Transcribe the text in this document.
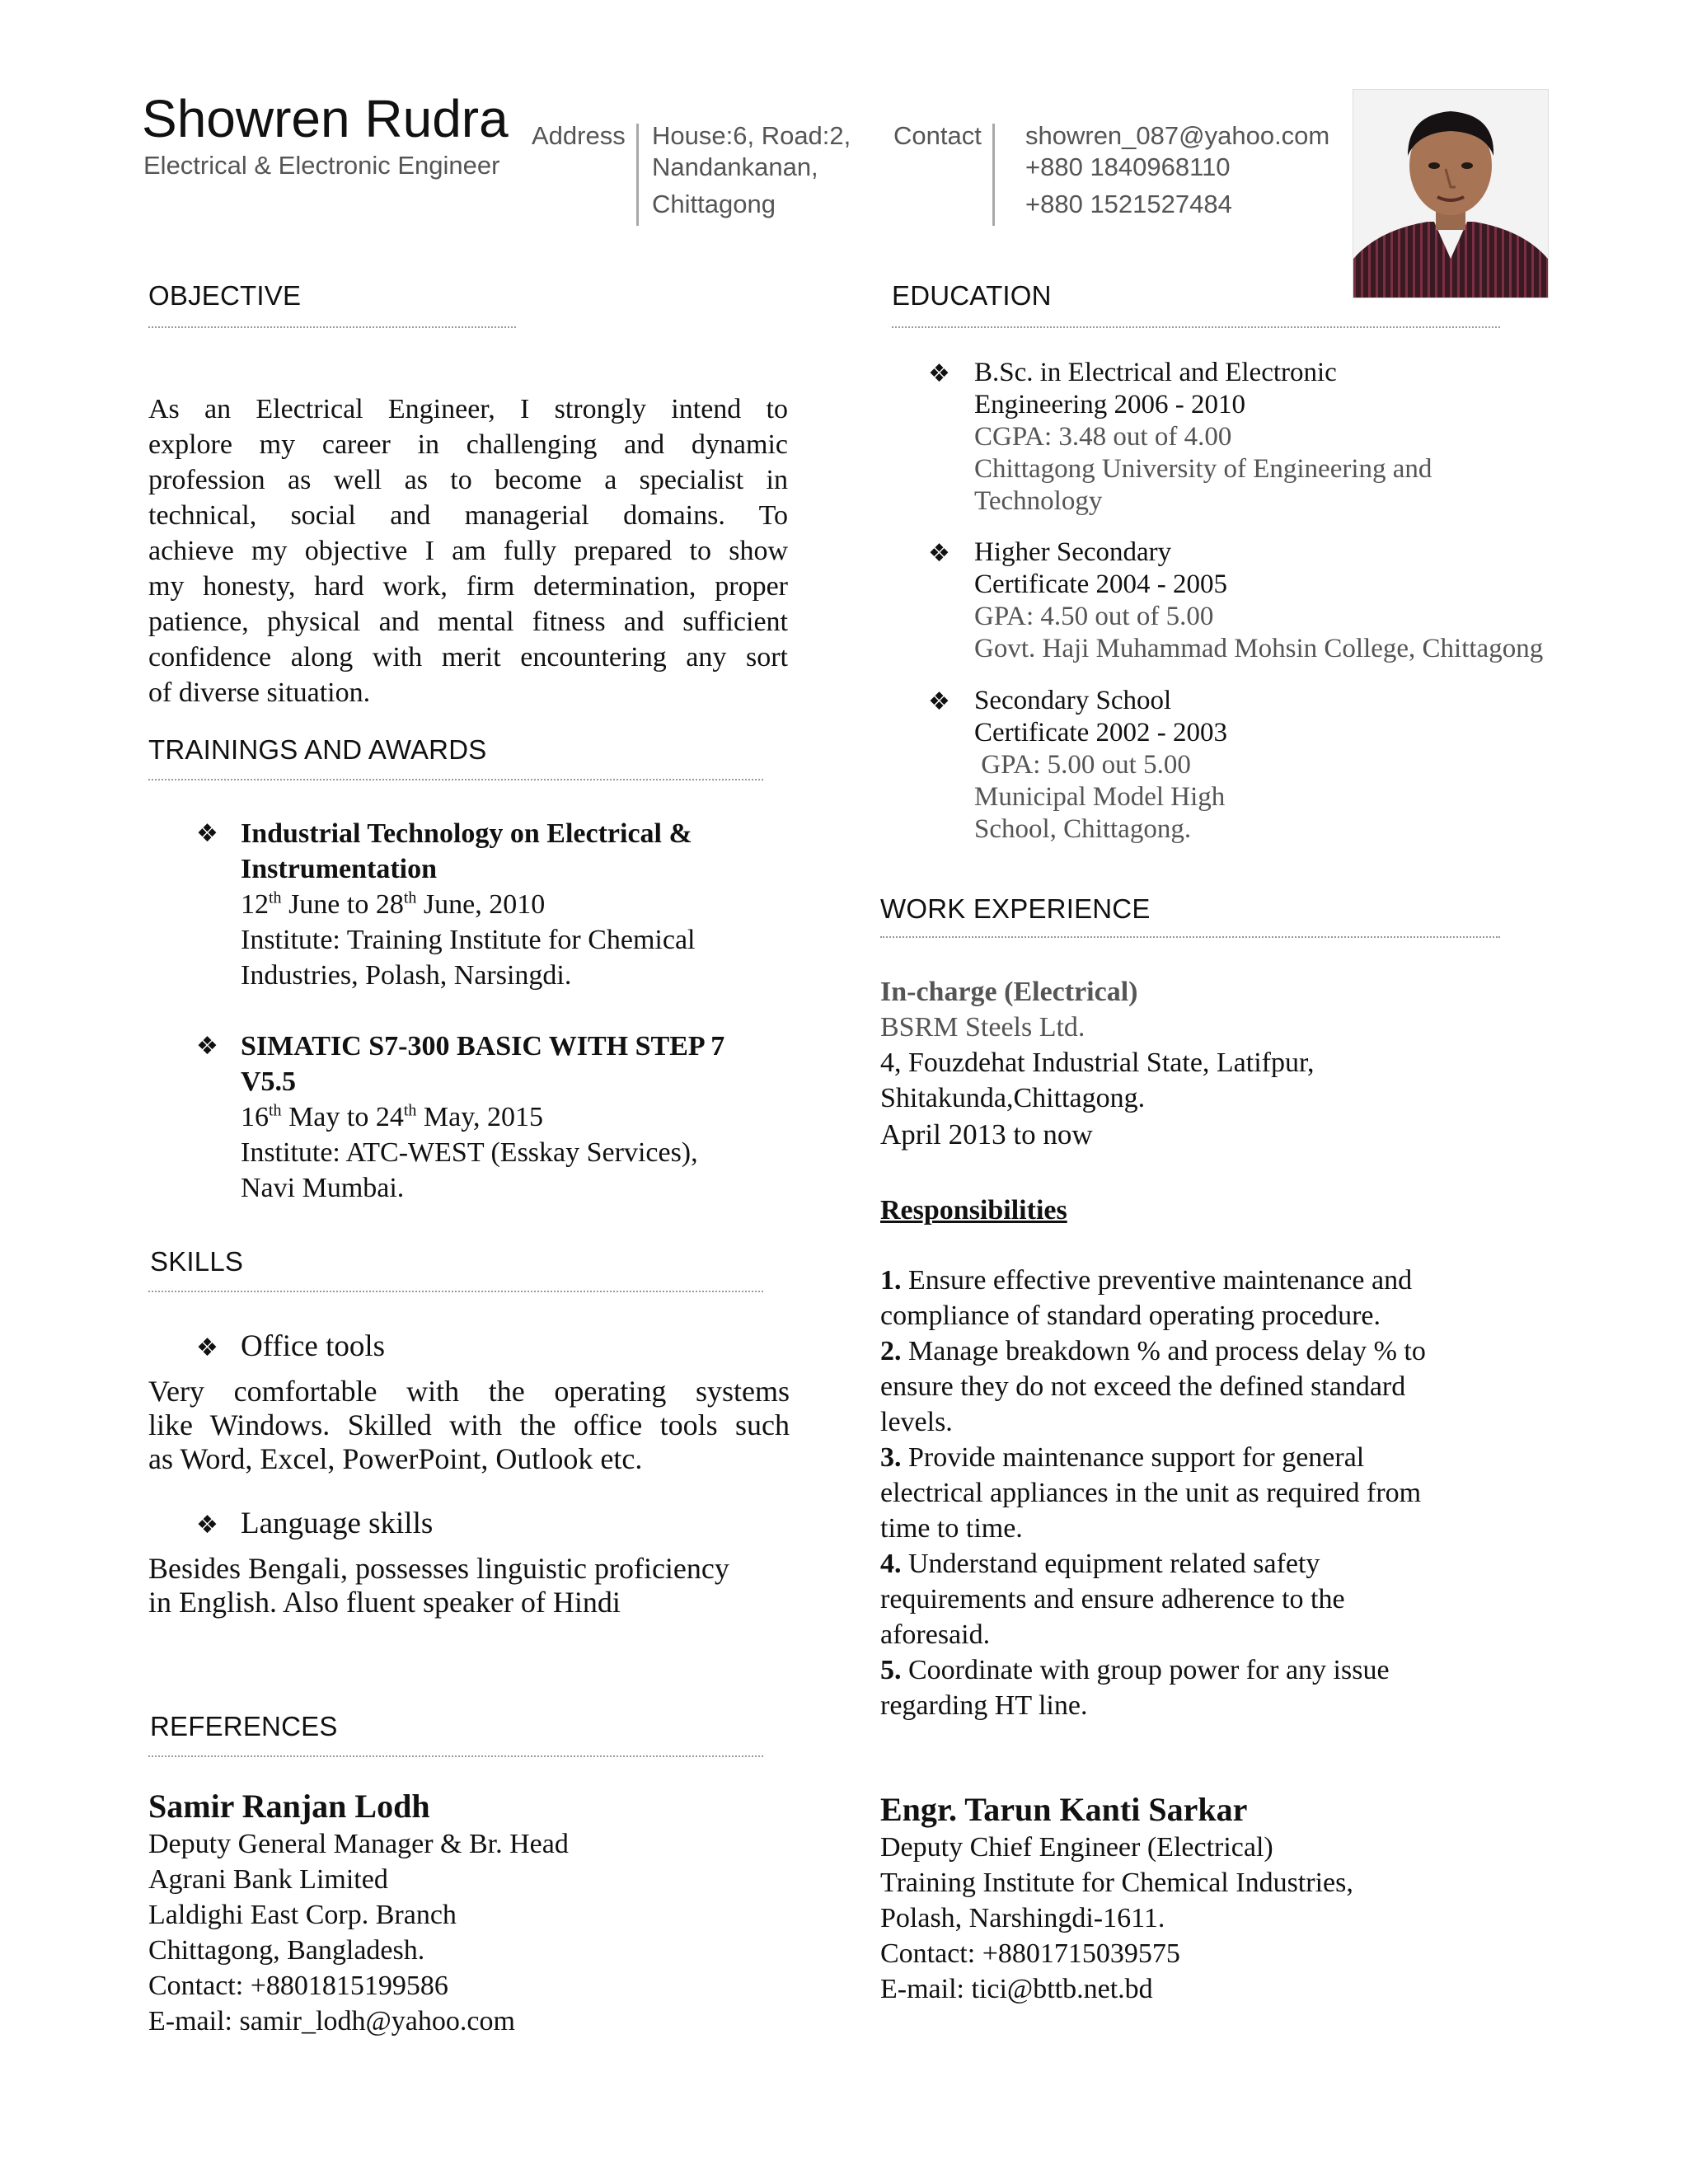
Showren Rudra
Electrical & Electronic Engineer
Address House:6, Road:2,
Nandankanan,
Chittagong
Contact showren_087@yahoo.com
+880 1840968110
+880 1521527484
OBJECTIVE

As an Electrical Engineer, I strongly intend to

explore my career in challenging and dynamic

profession as well as to become a specialist in

technical, social and managerial domains. To

achieve my objective I am fully prepared to show

my honesty, hard work, firm determination, proper

patience, physical and mental fitness and sufficient

confidence along with merit encountering any sort

of diverse situation.

TRAININGS AND AWARDS
❖ Industrial Technology on Electrical &

Instrumentation

12th June to 28th June, 2010

Institute: Training Institute for Chemical

Industries, Polash, Narsingdi.

❖ SIMATIC S7-300 BASIC WITH STEP 7

V5.5

16th May to 24th May, 2015

Institute: ATC-WEST (Esskay Services),

Navi Mumbai.

SKILLS
❖ Office tools

Very comfortable with the operating systems

like Windows. Skilled with the office tools such

as Word, Excel, PowerPoint, Outlook etc.

❖ Language skills

Besides Bengali, possesses linguistic proficiency

in English. Also fluent speaker of Hindi

REFERENCES

Samir Ranjan Lodh

Deputy General Manager & Br. Head

Agrani Bank Limited

Laldighi East Corp. Branch

Chittagong, Bangladesh.

Contact: +8801815199586

E-mail: samir_lodh@yahoo.com

EDUCATION
❖ B.Sc. in Electrical and Electronic

Engineering 2006 - 2010

CGPA: 3.48 out of 4.00

Chittagong University of Engineering and

Technology

❖ Higher Secondary

Certificate 2004 - 2005

GPA: 4.50 out of 5.00

Govt. Haji Muhammad Mohsin College, Chittagong

❖ Secondary School

Certificate 2002 - 2003

GPA: 5.00 out 5.00

Municipal Model High

School, Chittagong.

WORK EXPERIENCE

In-charge (Electrical)

BSRM Steels Ltd.

4, Fouzdehat Industrial State, Latifpur,

Shitakunda,Chittagong.

April 2013 to now

Responsibilities

1. Ensure effective preventive maintenance and

compliance of standard operating procedure.

2. Manage breakdown % and process delay % to

ensure they do not exceed the defined standard

levels.

3. Provide maintenance support for general

electrical appliances in the unit as required from

time to time.

4. Understand equipment related safety

requirements and ensure adherence to the

aforesaid.

5. Coordinate with group power for any issue

regarding HT line.

Engr. Tarun Kanti Sarkar

Deputy Chief Engineer (Electrical)

Training Institute for Chemical Industries,

Polash, Narshingdi-1611.

Contact: +8801715039575

E-mail: tici@bttb.net.bd
